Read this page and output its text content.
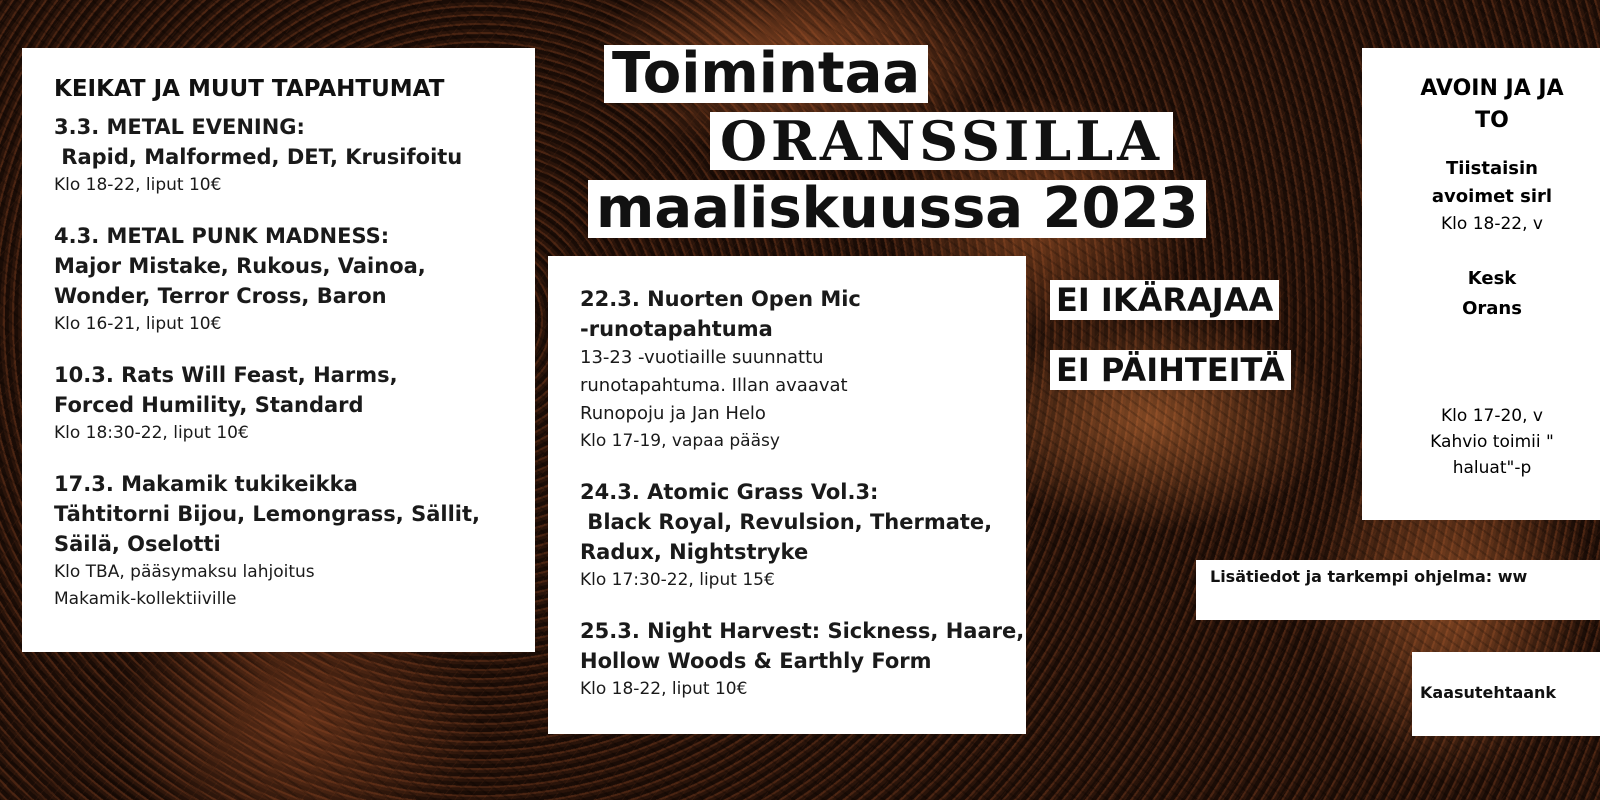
Toimintaa
ORANSSILLA
maaliskuussa 2023
EI IKÄRAJAA
EI PÄIHTEITÄ
KEIKAT JA MUUT TAPAHTUMAT
3.3. METAL EVENING:
Rapid, Malformed, DET, Krusifoitu
Klo 18-22, liput 10€
4.3. METAL PUNK MADNESS:
Major Mistake, Rukous, Vainoa,
Wonder, Terror Cross, Baron
Klo 16-21, liput 10€
10.3. Rats Will Feast, Harms,
Forced Humility, Standard
Klo 18:30-22, liput 10€
17.3. Makamik tukikeikka
Tähtitorni Bijou, Lemongrass, Sällit,
Säilä, Oselotti
Klo TBA, pääsymaksu lahjoitus
Makamik-kollektiiville
22.3. Nuorten Open Mic
-runotapahtuma
13-23 -vuotiaille suunnattu
runotapahtuma. Illan avaavat
Runopoju ja Jan Helo
Klo 17-19, vapaa pääsy
24.3. Atomic Grass Vol.3:
Black Royal, Revulsion, Thermate,
Radux, Nightstryke
Klo 17:30-22, liput 15€
25.3. Night Harvest: Sickness, Haare,
Hollow Woods & Earthly Form
Klo 18-22, liput 10€
AVOIN JA JA
TO
Tiistaisin
avoimet sirl
Klo 18-22, v
Kesk
Orans
Klo 17-20, v
Kahvio toimii "
haluat"-p
Lisätiedot ja tarkempi ohjelma: ww
Kaasutehtaank
